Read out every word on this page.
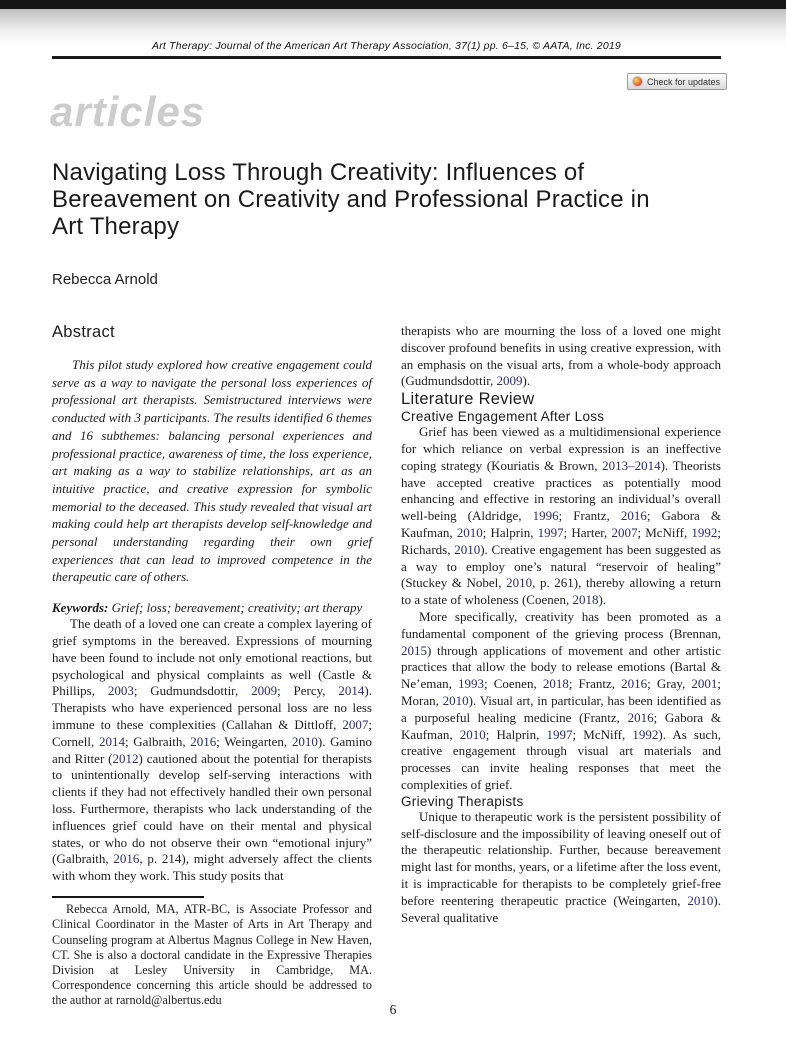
Art Therapy: Journal of the American Art Therapy Association, 37(1) pp. 6–15, © AATA, Inc. 2019
Check for updates
articles
Navigating Loss Through Creativity: Influences of
Bereavement on Creativity and Professional Practice in
Art Therapy
Rebecca Arnold
Abstract

This pilot study explored how creative engagement could serve as a way to navigate the personal loss experiences of professional art therapists. Semistructured interviews were conducted with 3 participants. The results identified 6 themes and 16 subthemes: balancing personal experiences and professional practice, awareness of time, the loss experience, art making as a way to stabilize relationships, art as an intuitive practice, and creative expression for symbolic memorial to the deceased. This study revealed that visual art making could help art therapists develop self-knowledge and personal understanding regarding their own grief experiences that can lead to improved competence in the therapeutic care of others.

Keywords: Grief; loss; bereavement; creativity; art therapy

The death of a loved one can create a complex layering of grief symptoms in the bereaved. Expressions of mourning have been found to include not only emotional reactions, but psychological and physical complaints as well (Castle & Phillips, 2003; Gudmundsdottir, 2009; Percy, 2014). Therapists who have experienced personal loss are no less immune to these complexities (Callahan & Dittloff, 2007; Cornell, 2014; Galbraith, 2016; Weingarten, 2010). Gamino and Ritter (2012) cautioned about the potential for therapists to unintentionally develop self-serving interactions with clients if they had not effectively handled their own personal loss. Furthermore, therapists who lack understanding of the influences grief could have on their mental and physical states, or who do not observe their own “emotional injury” (Galbraith, 2016, p. 214), might adversely affect the clients with whom they work. This study posits that

Rebecca Arnold, MA, ATR-BC, is Associate Professor and Clinical Coordinator in the Master of Arts in Art Therapy and Counseling program at Albertus Magnus College in New Haven, CT. She is also a doctoral candidate in the Expressive Therapies Division at Lesley University in Cambridge, MA. Correspondence concerning this article should be addressed to the author at rarnold@albertus.edu

therapists who are mourning the loss of a loved one might discover profound benefits in using creative expression, with an emphasis on the visual arts, from a whole-body approach (Gudmundsdottir, 2009).

Literature Review
Creative Engagement After Loss

Grief has been viewed as a multidimensional experience for which reliance on verbal expression is an ineffective coping strategy (Kouriatis & Brown, 2013–2014). Theorists have accepted creative practices as potentially mood enhancing and effective in restoring an individual’s overall well-being (Aldridge, 1996; Frantz, 2016; Gabora & Kaufman, 2010; Halprin, 1997; Harter, 2007; McNiff, 1992; Richards, 2010). Creative engagement has been suggested as a way to employ one’s natural “reservoir of healing” (Stuckey & Nobel, 2010, p. 261), thereby allowing a return to a state of wholeness (Coenen, 2018).

More specifically, creativity has been promoted as a fundamental component of the grieving process (Brennan, 2015) through applications of movement and other artistic practices that allow the body to release emotions (Bartal & Ne’eman, 1993; Coenen, 2018; Frantz, 2016; Gray, 2001; Moran, 2010). Visual art, in particular, has been identified as a purposeful healing medicine (Frantz, 2016; Gabora & Kaufman, 2010; Halprin, 1997; McNiff, 1992). As such, creative engagement through visual art materials and processes can invite healing responses that meet the complexities of grief.

Grieving Therapists

Unique to therapeutic work is the persistent possibility of self-disclosure and the impossibility of leaving oneself out of the therapeutic relationship. Further, because bereavement might last for months, years, or a lifetime after the loss event, it is impracticable for therapists to be completely grief-free before reentering therapeutic practice (Weingarten, 2010). Several qualitative

6
